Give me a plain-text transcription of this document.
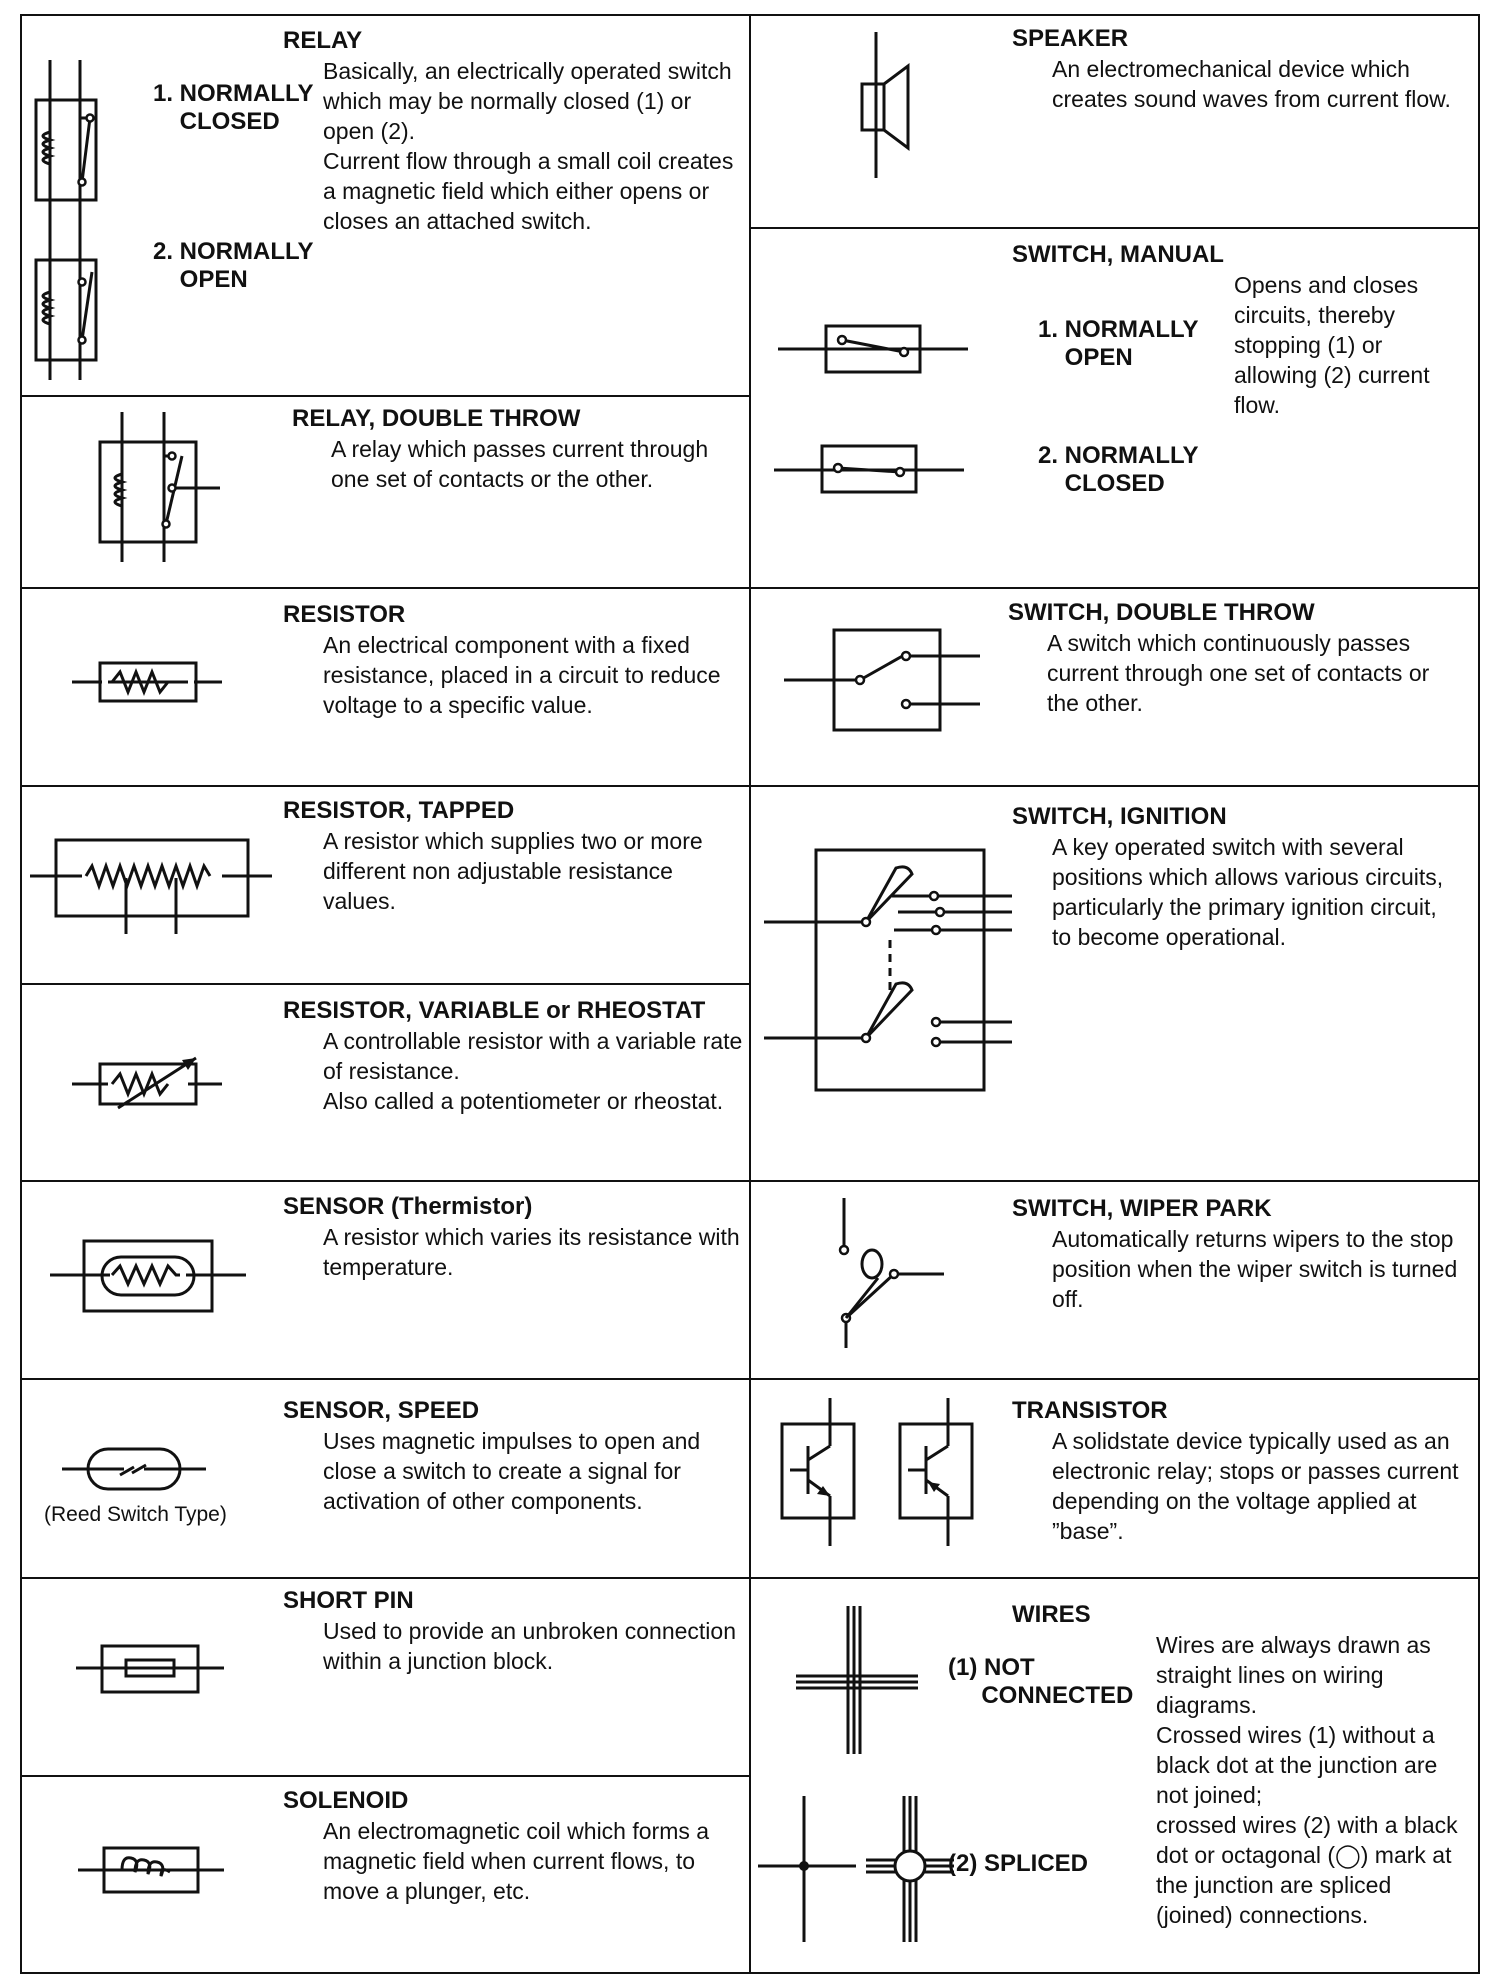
RELAY
1. NORMALLY
CLOSED
Basically, an electrically operated switch which may be normally closed (1) or open (2).
Current flow through a small coil creates a magnetic field which either opens or closes an attached switch.
2. NORMALLY
OPEN
RELAY, DOUBLE THROW
A relay which passes current through one set of contacts or the other.
RESISTOR
An electrical component with a fixed resistance, placed in a circuit to reduce voltage to a specific value.
RESISTOR, TAPPED
A resistor which supplies two or more different non adjustable resistance values.
RESISTOR, VARIABLE or RHEOSTAT
A controllable resistor with a variable rate of resistance.
Also called a potentiometer or rheostat.
SENSOR (Thermistor)
A resistor which varies its resistance with temperature.
(Reed Switch Type)
SENSOR, SPEED
Uses magnetic impulses to open and close a switch to create a signal for activation of other components.
SHORT PIN
Used to provide an unbroken connection within a junction block.
SOLENOID
An electromagnetic coil which forms a magnetic field when current flows, to move a plunger, etc.
SPEAKER
An electromechanical device which creates sound waves from current flow.
SWITCH, MANUAL
1. NORMALLY
OPEN
Opens and closes circuits, thereby stopping (1) or allowing (2) current flow.
2. NORMALLY
CLOSED
SWITCH, DOUBLE THROW
A switch which continuously passes current through one set of contacts or the other.
SWITCH, IGNITION
A key operated switch with several positions which allows various circuits, particularly the primary ignition circuit, to become operational.
SWITCH, WIPER PARK
Automatically returns wipers to the stop position when the wiper switch is turned off.
TRANSISTOR
A solidstate device typically used as an electronic relay; stops or passes current depending on the voltage applied at ”base”.
WIRES
(1) NOT
CONNECTED
(2) SPLICED
Wires are always drawn as straight lines on wiring diagrams.
Crossed wires (1) without a black dot at the junction are not joined;
crossed wires (2) with a black dot or octagonal (◯) mark at the junction are spliced (joined) connections.
